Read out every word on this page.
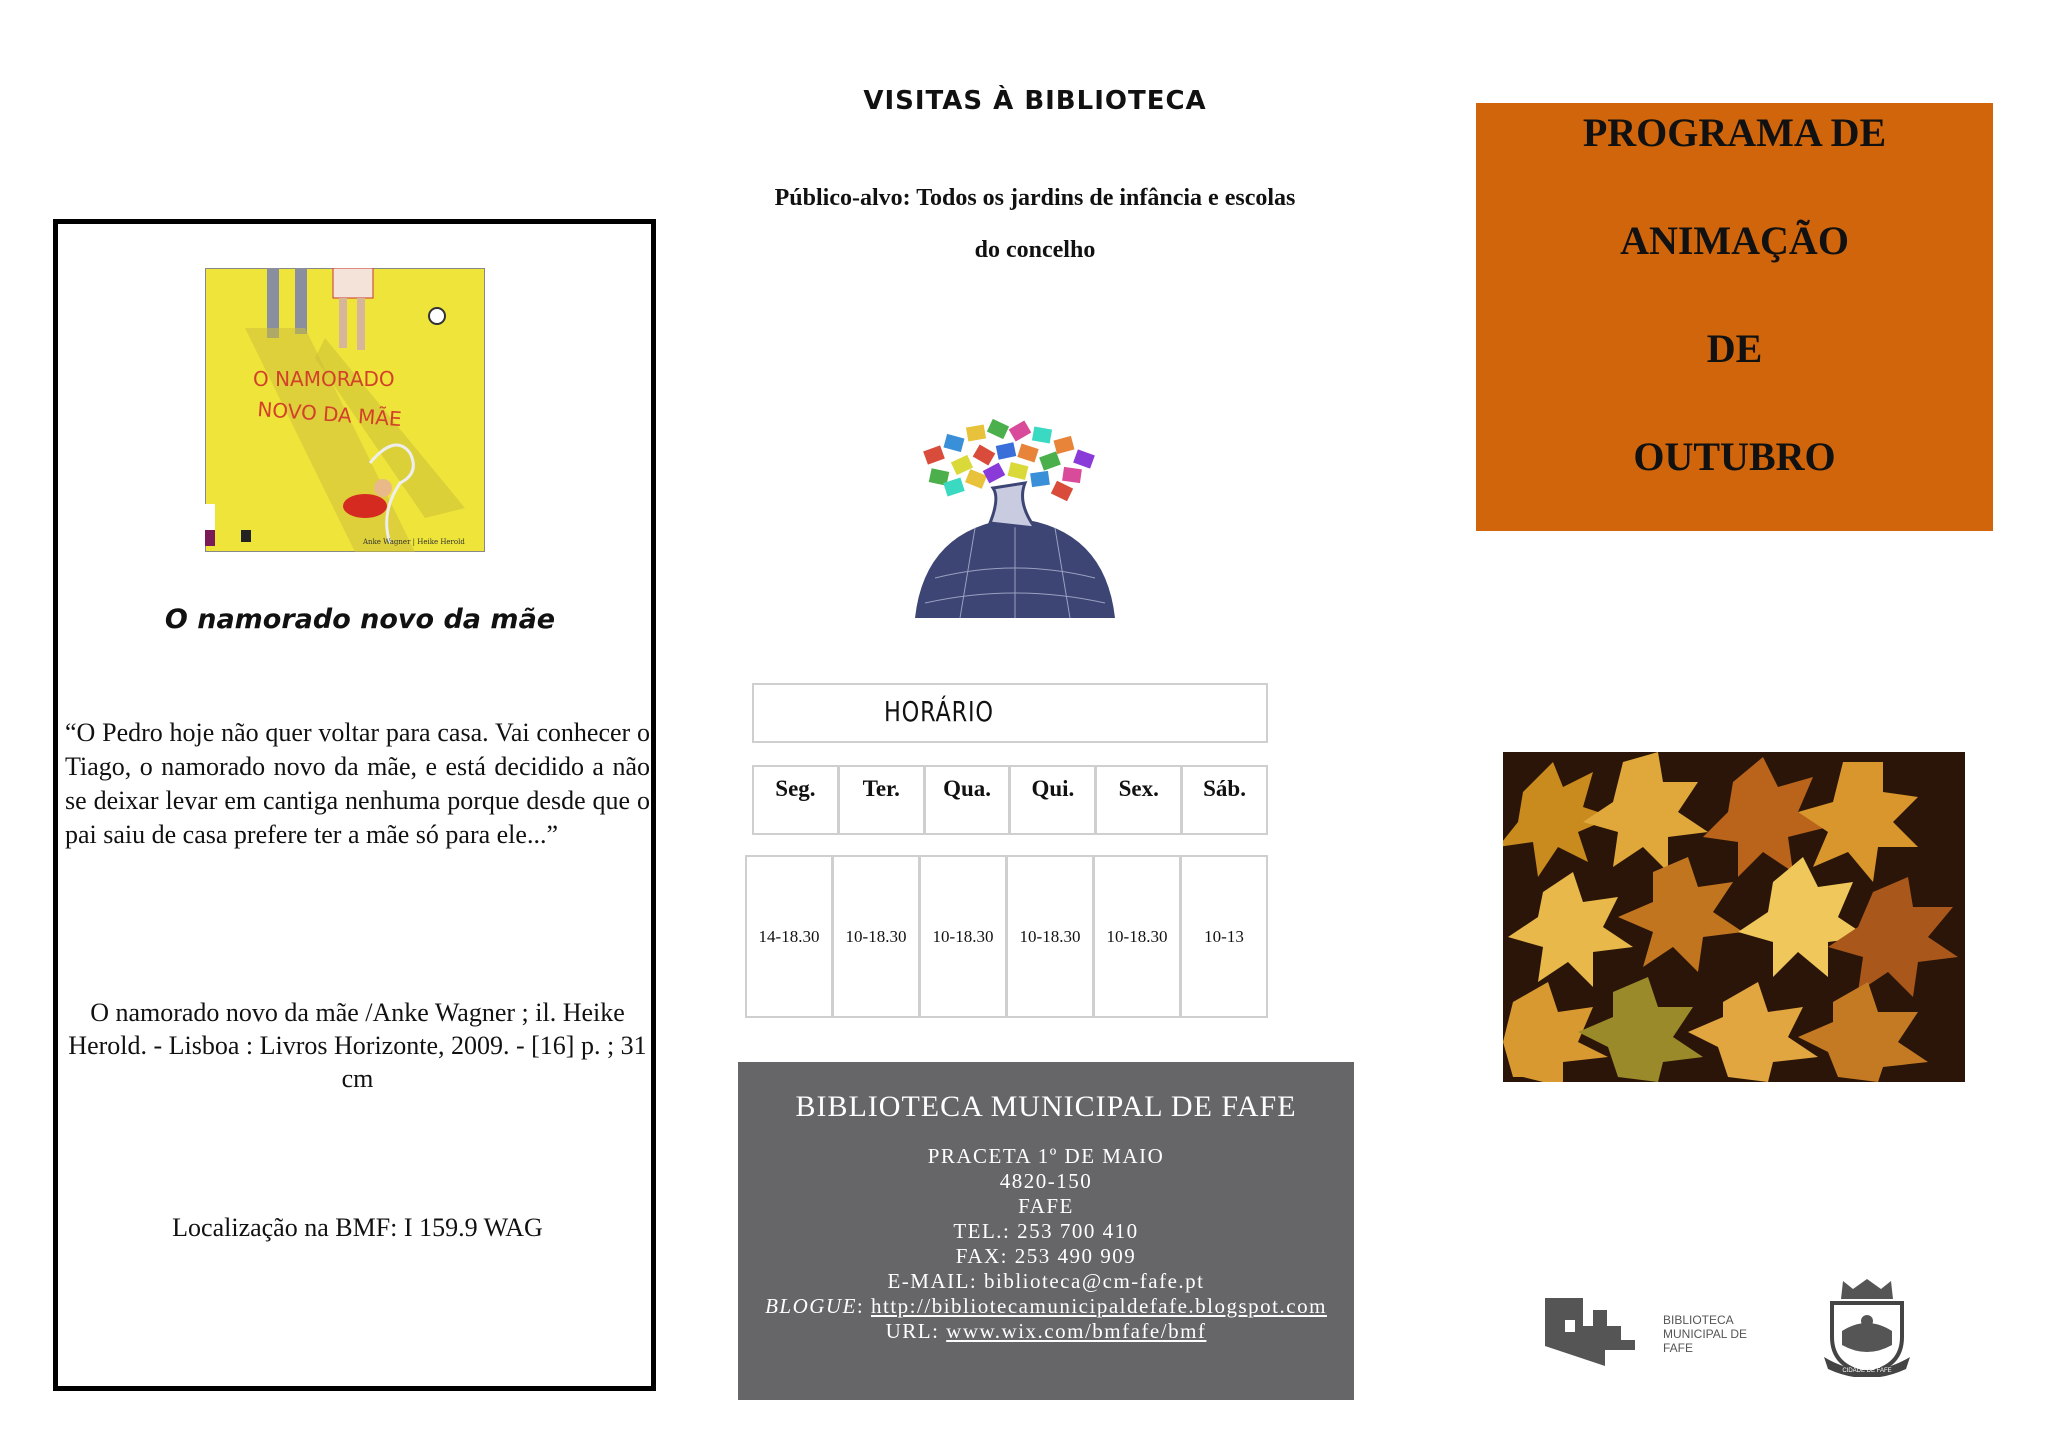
O NAMORADO
NOVO DA MÃE
Anke Wagner | Heike Herold
O namorado novo da mãe
“O Pedro hoje não quer voltar para casa. Vai conhecer o Tiago, o namorado novo da mãe, e está decidido a não se deixar levar em cantiga nenhuma porque desde que o pai saiu de casa prefere ter a mãe só para ele...”
O namorado novo da mãe /Anke Wagner ; il. Heike Herold. - Lisboa : Livros Horizonte, 2009. - [16] p. ; 31 cm
Localização na BMF: I 159.9 WAG
VISITAS À BIBLIOTECA
Público-alvo: Todos os jardins de infância e escolas
do concelho
HORÁRIO
Seg.	Ter.	Qua.	Qui.	Sex.	Sáb.
14-18.30	10-18.30	10-18.30	10-18.30	10-18.30	10-13
BIBLIOTECA MUNICIPAL DE FAFE
PRACETA 1º DE MAIO
4820-150
FAFE
TEL.: 253 700 410
FAX: 253 490 909
E-MAIL: biblioteca@cm-fafe.pt
BLOGUE: http://bibliotecamunicipaldefafe.blogspot.com
URL: www.wix.com/bmfafe/bmf
PROGRAMA DE
ANIMAÇÃO
DE
OUTUBRO
BIBLIOTECA
MUNICIPAL DE
FAFE
CIDADE DE FAFE
